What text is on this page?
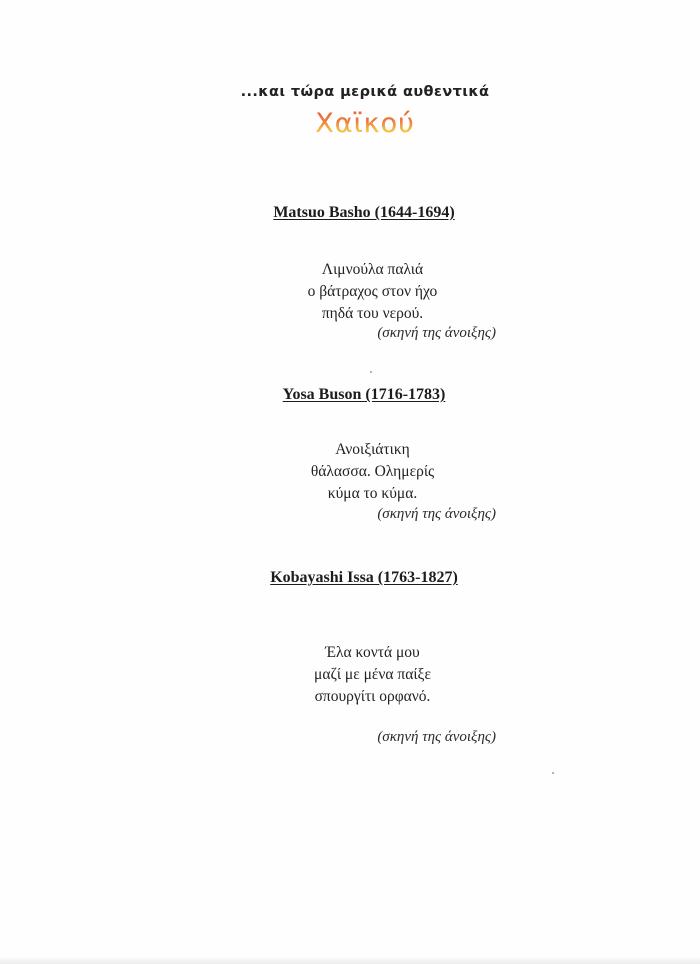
...και τώρα μερικά αυθεντικά
Χαϊκού
Matsuo Basho (1644-1694)
Λιμνούλα παλιά
ο βάτραχος στον ήχο
πηδά του νερού.
(σκηνή της άνοιξης)
Yosa Buson (1716-1783)
Ανοιξιάτικη
θάλασσα. Ολημερίς
κύμα το κύμα.
(σκηνή της άνοιξης)
Kobayashi Issa (1763-1827)
Έλα κοντά μου
μαζί με μένα παίξε
σπουργίτι ορφανό.
(σκηνή της άνοιξης)
